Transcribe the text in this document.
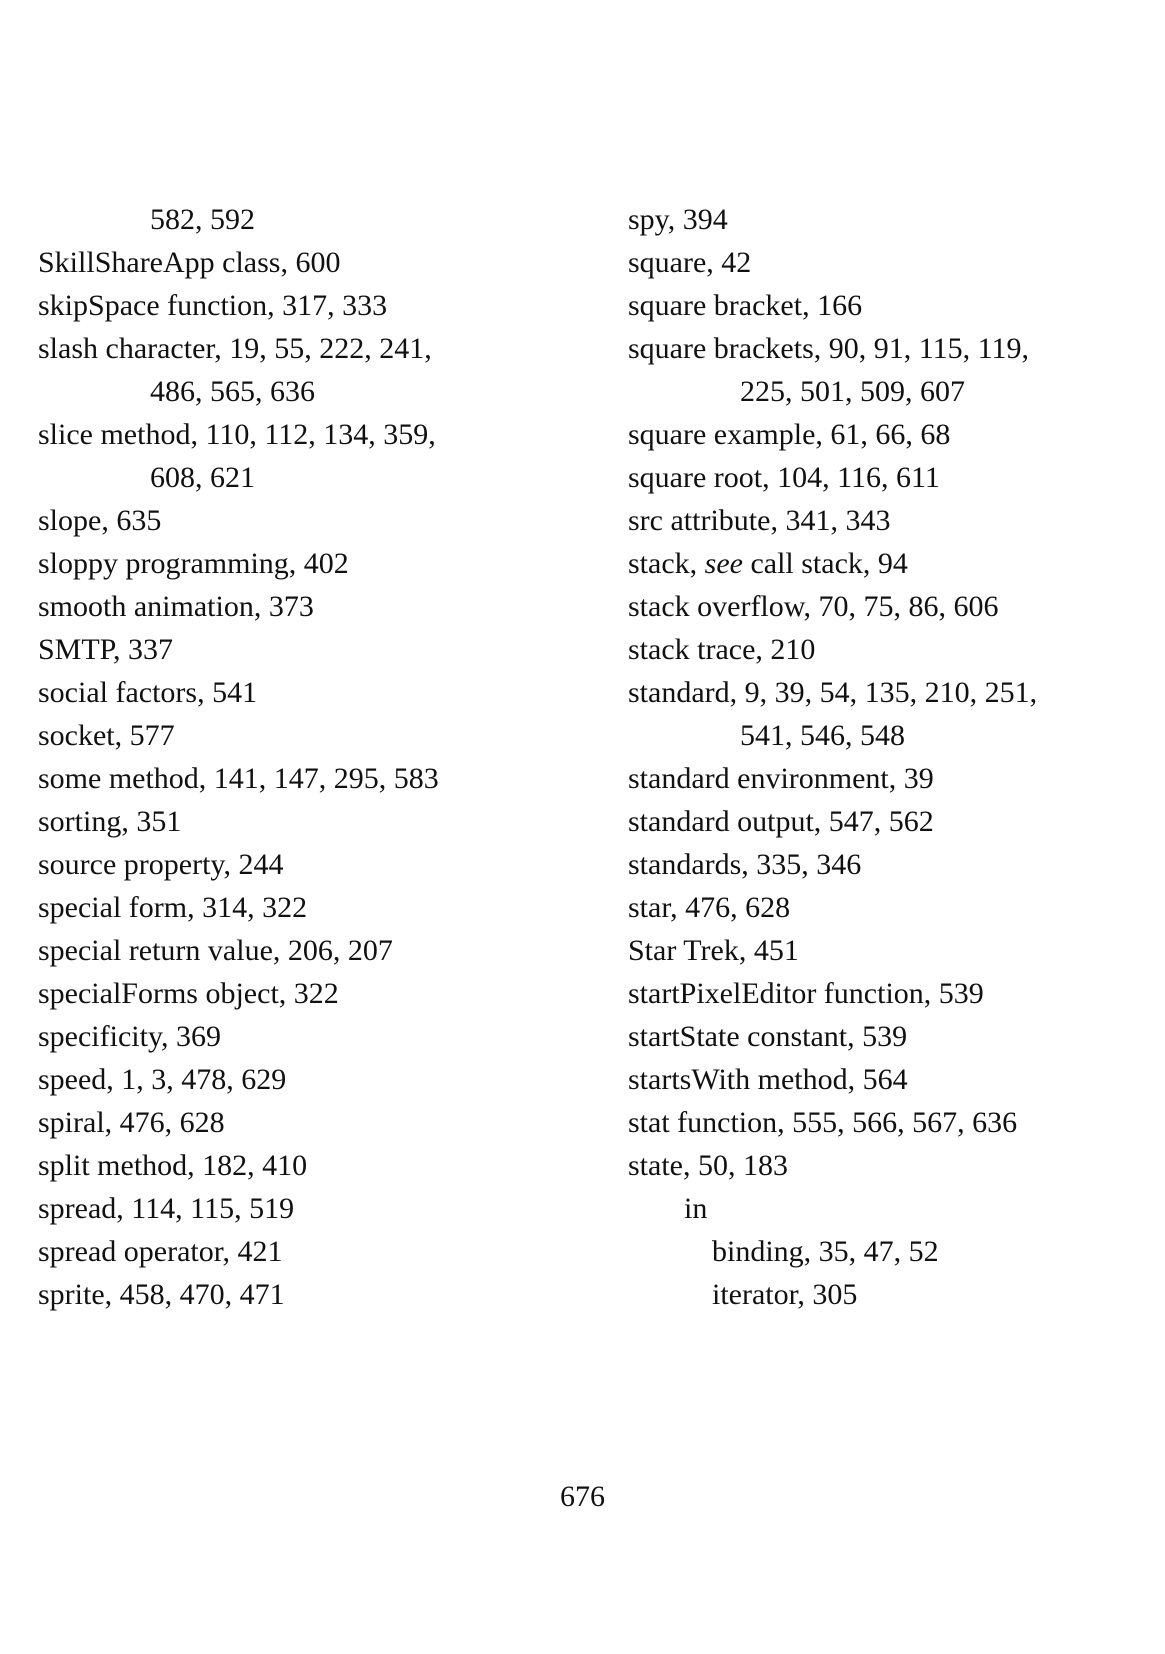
582, 592
SkillShareApp class, 600
skipSpace function, 317, 333
slash character, 19, 55, 222, 241,
486, 565, 636
slice method, 110, 112, 134, 359,
608, 621
slope, 635
sloppy programming, 402
smooth animation, 373
SMTP, 337
social factors, 541
socket, 577
some method, 141, 147, 295, 583
sorting, 351
source property, 244
special form, 314, 322
special return value, 206, 207
specialForms object, 322
specificity, 369
speed, 1, 3, 478, 629
spiral, 476, 628
split method, 182, 410
spread, 114, 115, 519
spread operator, 421
sprite, 458, 470, 471
spy, 394
square, 42
square bracket, 166
square brackets, 90, 91, 115, 119,
225, 501, 509, 607
square example, 61, 66, 68
square root, 104, 116, 611
src attribute, 341, 343
stack, see call stack, 94
stack overflow, 70, 75, 86, 606
stack trace, 210
standard, 9, 39, 54, 135, 210, 251,
541, 546, 548
standard environment, 39
standard output, 547, 562
standards, 335, 346
star, 476, 628
Star Trek, 451
startPixelEditor function, 539
startState constant, 539
startsWith method, 564
stat function, 555, 566, 567, 636
state, 50, 183
in
binding, 35, 47, 52
iterator, 305
676
